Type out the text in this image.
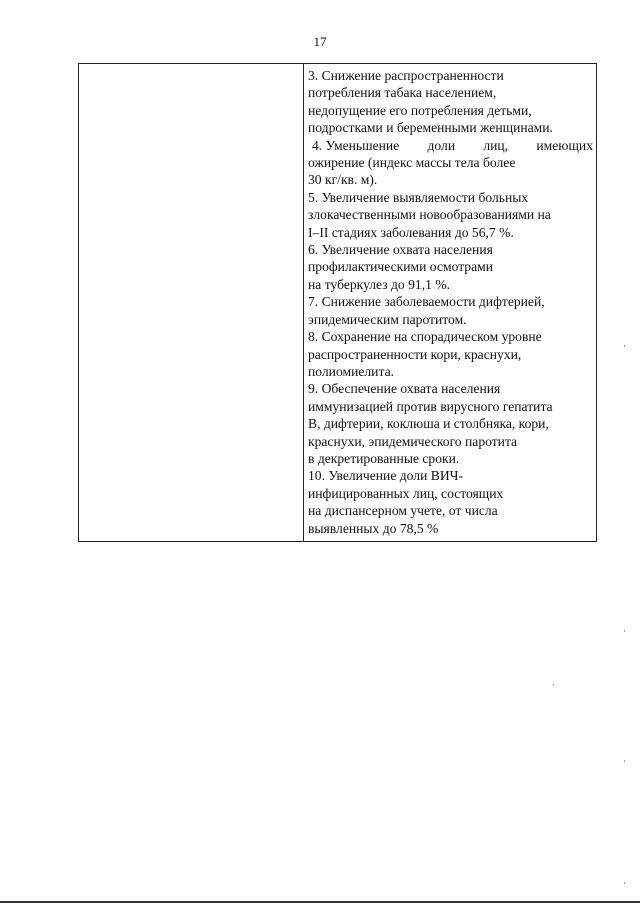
17
3. Снижение распространенности
потребления табака населением,
недопущение его потребления детьми,
подростками и беременными женщинами.
4. Уменьшение доли лиц, имеющих
ожирение (индекс массы тела более
30 кг/кв. м).
5. Увеличение выявляемости больных
злокачественными новообразованиями на
I–II стадиях заболевания до 56,7 %.
6. Увеличение охвата населения
профилактическими осмотрами
на туберкулез до 91,1 %.
7. Снижение заболеваемости дифтерией,
эпидемическим паротитом.
8. Сохранение на спорадическом уровне
распространенности кори, краснухи,
полиомиелита.
9. Обеспечение охвата населения
иммунизацией против вирусного гепатита
В, дифтерии, коклюша и столбняка, кори,
краснухи, эпидемического паротита
в декретированные сроки.
10. Увеличение доли ВИЧ-
инфицированных лиц, состоящих
на диспансерном учете, от числа
выявленных до 78,5 %
